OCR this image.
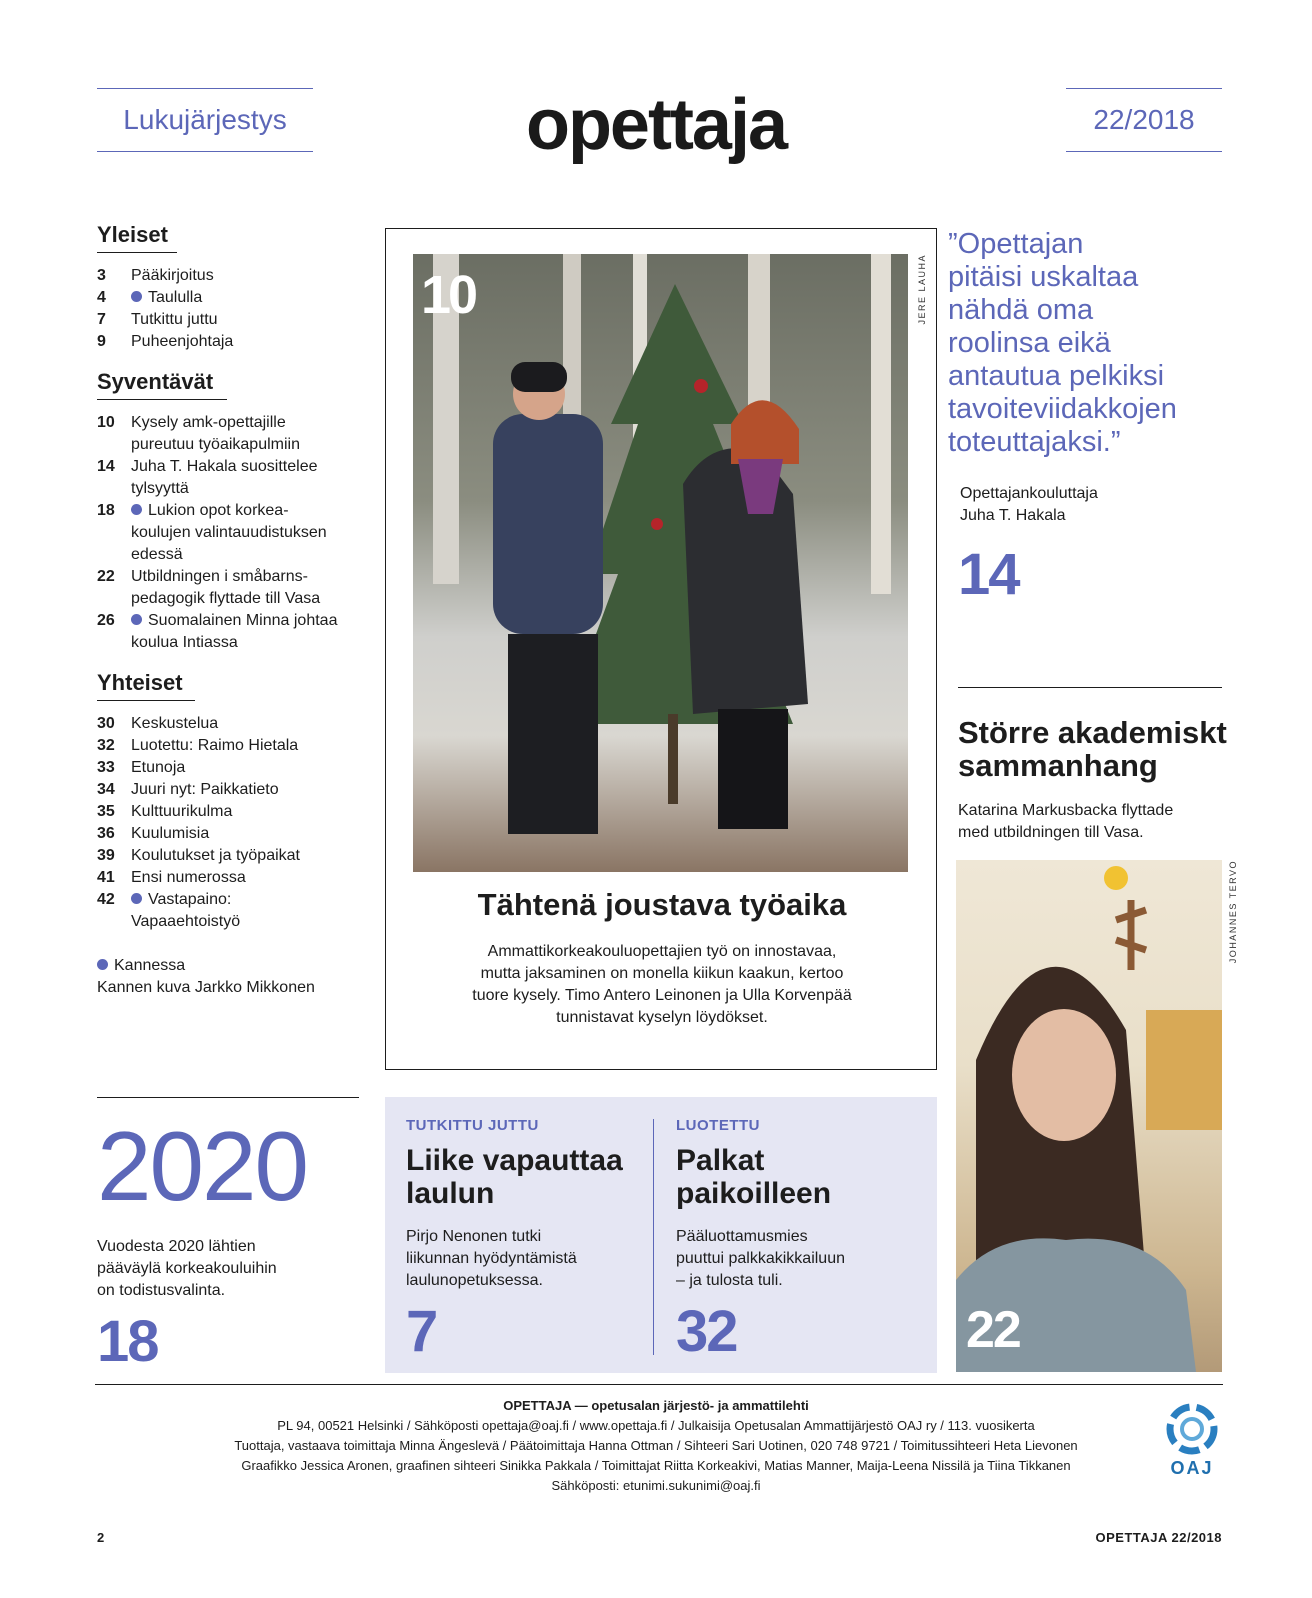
Lukujärjestys	opettaja	22/2018
Yleiset
3	Pääkirjoitus
4	Taululla
7	Tutkittu juttu
9	Puheenjohtaja
Syventävät
10	Kysely amk-opettajille
pureutuu työaikapulmiin
14	Juha T. Hakala suosittelee
tylsyyttä
18	Lukion opot korkea-
koulujen valintauudistuksen
edessä
22	Utbildningen i småbarns-
pedagogik flyttade till Vasa
26	Suomalainen Minna johtaa
koulua Intiassa
Yhteiset
30	Keskustelua
32	Luotettu: Raimo Hietala
33	Etunoja
34	Juuri nyt: Paikkatieto
35	Kulttuurikulma
36	Kuulumisia
39	Koulutukset ja työpaikat
41	Ensi numerossa
42	Vastapaino:
Vapaaehtoistyö
Kannessa
Kannen kuva Jarkko Mikkonen
10	JERE LAUHA
Tähtenä joustava työaika
Ammattikorkeakouluopettajien työ on innostavaa,
mutta jaksaminen on monella kiikun kaakun, kertoo
tuore kysely. Timo Antero Leinonen ja Ulla Korvenpää
tunnistavat kyselyn löydökset.
”Opettajan
pitäisi uskaltaa
nähdä oma
roolinsa eikä
antautua pelkiksi
tavoiteviidakkojen
toteuttajaksi.”
Opettajankouluttaja
Juha T. Hakala
14
Större akademiskt
sammanhang
Katarina Markusbacka flyttade
med utbildningen till Vasa.
22
JOHANNES TERVO
2020
Vuodesta 2020 lähtien
pääväylä korkeakouluihin
on todistusvalinta.
18
TUTKITTU JUTTU
Liike vapauttaa
laulun
Pirjo Nenonen tutki
liikunnan hyödyntämistä
laulunopetuksessa.
7
LUOTETTU
Palkat
paikoilleen
Pääluottamusmies
puuttui palkkakikkailuun
– ja tulosta tuli.
32
OPETTAJA — opetusalan järjestö- ja ammattilehti
PL 94, 00521 Helsinki / Sähköposti opettaja@oaj.fi / www.opettaja.fi / Julkaisija Opetusalan Ammattijärjestö OAJ ry / 113. vuosikerta
Tuottaja, vastaava toimittaja Minna Ängeslevä / Päätoimittaja Hanna Ottman / Sihteeri Sari Uotinen, 020 748 9721 / Toimitussihteeri Heta Lievonen
Graafikko Jessica Aronen, graafinen sihteeri Sinikka Pakkala / Toimittajat Riitta Korkeakivi, Matias Manner, Maija-Leena Nissilä ja Tiina Tikkanen
Sähköposti: etunimi.sukunimi@oaj.fi
OAJ
2	OPETTAJA 22/2018
